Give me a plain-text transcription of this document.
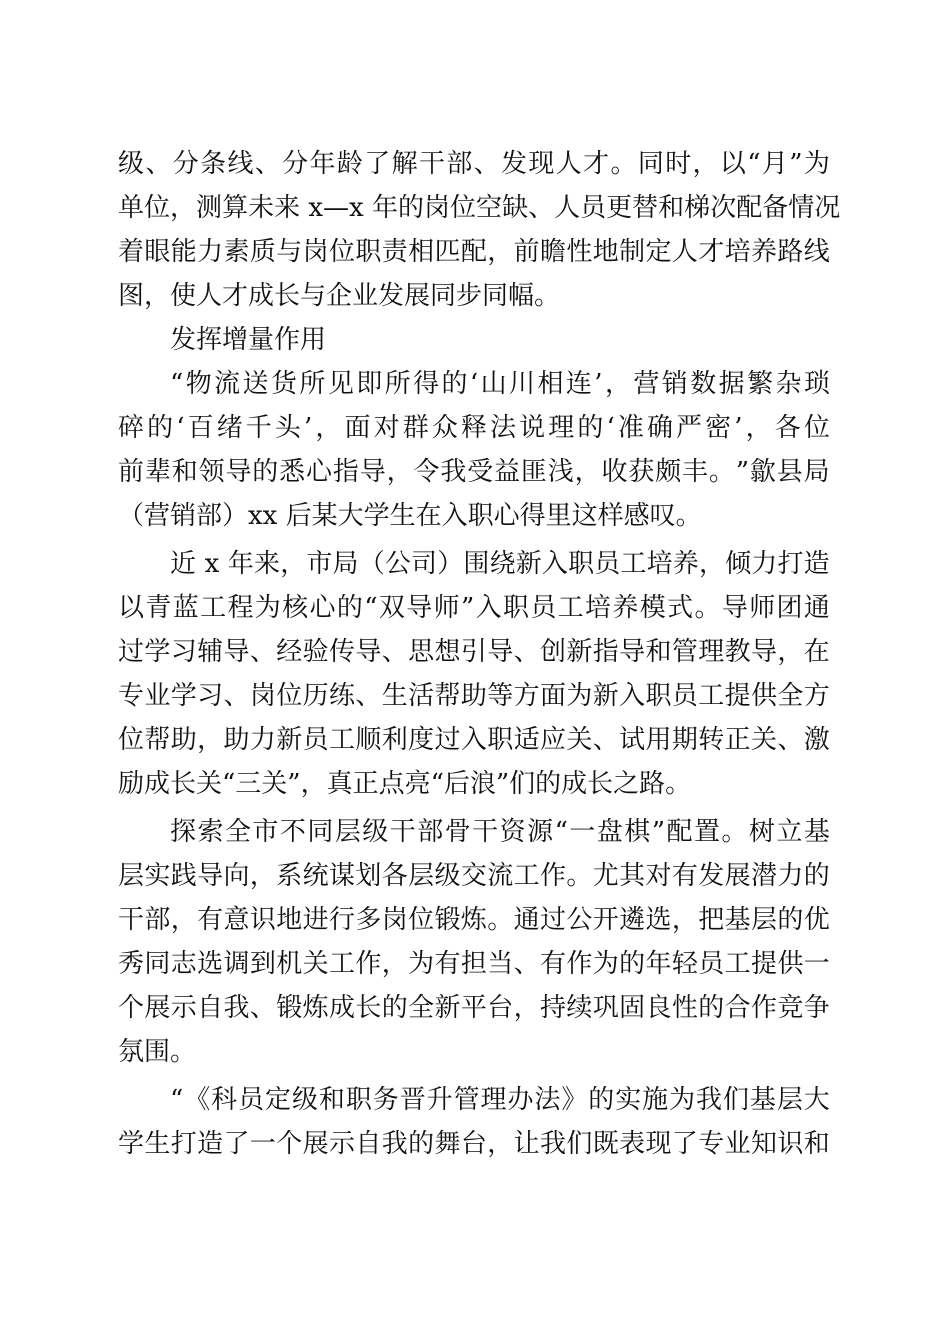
级 、 分 条 线 、 分 年 龄 了 解 干 部 、 发 现 人 才 。 同 时 ， 以 “ 月 ” 为
单 位 ， 测 算 未 来
x — x
年 的 岗 位 空 缺 、 人 员 更 替 和 梯 次 配 备 情 况
着 眼 能 力 素 质 与 岗 位 职 责 相 匹 配 ， 前 瞻 性 地 制 定 人 才 培 养 路 线
图，使人才成长与企业发展同步同幅。
发挥增量作用
“ 物 流 送 货 所 见 即 所 得 的 ‘ 山 川 相 连 ’ ， 营 销 数 据 繁 杂 琐
碎 的 ‘ 百 绪 千 头 ’ ， 面 对 群 众 释 法 说 理 的 ‘ 准 确 严 密 ’ ， 各 位
前 辈 和 领 导 的 悉 心 指 导 ， 令 我 受 益 匪 浅 ， 收 获 颇 丰 。 ” 歙 县 局
（营销部）xx 后某大学生在入职心得里这样感叹。
近
x
年 来 ， 市 局 （ 公 司 ） 围 绕 新 入 职 员 工 培 养 ， 倾 力 打 造
以 青 蓝 工 程 为 核 心 的 “ 双 导 师 ” 入 职 员 工 培 养 模 式 。 导 师 团 通
过 学 习 辅 导 、 经 验 传 导 、 思 想 引 导 、 创 新 指 导 和 管 理 教 导 ， 在
专 业 学 习 、 岗 位 历 练 、 生 活 帮 助 等 方 面 为 新 入 职 员 工 提 供 全 方
位 帮 助 ， 助 力 新 员 工 顺 利 度 过 入 职 适 应 关 、 试 用 期 转 正 关 、 激
励成长关“三关”，真正点亮“后浪”们的成长之路。
探 索 全 市 不 同 层 级 干 部 骨 干 资 源 “ 一 盘 棋 ” 配 置 。 树 立 基
层 实 践 导 向 ， 系 统 谋 划 各 层 级 交 流 工 作 。 尤 其 对 有 发 展 潜 力 的
干 部 ， 有 意 识 地 进 行 多 岗 位 锻 炼 。 通 过 公 开 遴 选 ， 把 基 层 的 优
秀 同 志 选 调 到 机 关 工 作 ， 为 有 担 当 、 有 作 为 的 年 轻 员 工 提 供 一
个 展 示 自 我 、 锻 炼 成 长 的 全 新 平 台 ， 持 续 巩 固 良 性 的 合 作 竞 争
氛围。
“ 《 科 员 定 级 和 职 务 晋 升 管 理 办 法 》 的 实 施 为 我 们 基 层 大
学 生 打 造 了 一 个 展 示 自 我 的 舞 台 ， 让 我 们 既 表 现 了 专 业 知 识 和
